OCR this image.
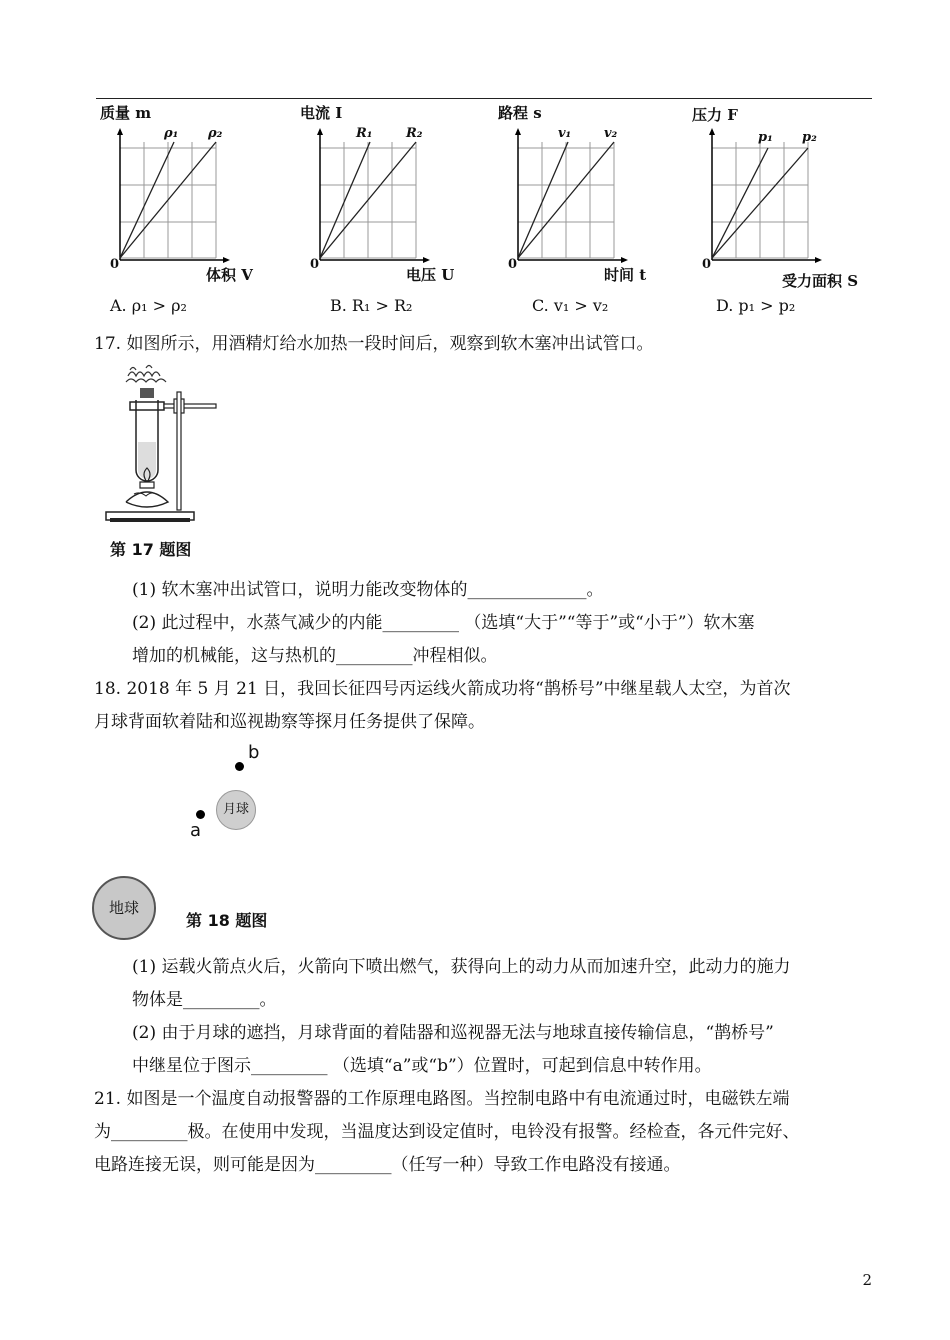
质量 m
ρ₁ ρ₂
0
体积 V
A. ρ₁ > ρ₂
电流 I
R₁	R₂
0
电压 U
B. R₁ > R₂
路程 s
v₁	v₂
0
时间 t
C. v₁ > v₂
压力 F
p₁ p₂
0
受力面积 S
D. p₁ > p₂
17. 如图所示，用酒精灯给水加热一段时间后，观察到软木塞冲出试管口。
第 17 题图
(1) 软木塞冲出试管口，说明力能改变物体的______________。
(2) 此过程中，水蒸气减少的内能_________ （选填“大于”“等于”或“小于”）软木塞
增加的机械能，这与热机的_________冲程相似。
18. 2018 年 5 月 21 日，我回长征四号丙运线火箭成功将“鹊桥号”中继星载人太空，为首次
月球背面软着陆和巡视勘察等探月任务提供了保障。
b
a
月球
地球
第 18 题图
(1) 运载火箭点火后，火箭向下喷出燃气，获得向上的动力从而加速升空，此动力的施力
物体是_________。
(2) 由于月球的遮挡，月球背面的着陆器和巡视器无法与地球直接传输信息，“鹊桥号”
中继星位于图示_________ （选填“a”或“b”）位置时，可起到信息中转作用。
21. 如图是一个温度自动报警器的工作原理电路图。当控制电路中有电流通过时，电磁铁左端
为_________极。在使用中发现，当温度达到设定值时，电铃没有报警。经检查，各元件完好、
电路连接无误，则可能是因为_________（任写一种）导致工作电路没有接通。
2
